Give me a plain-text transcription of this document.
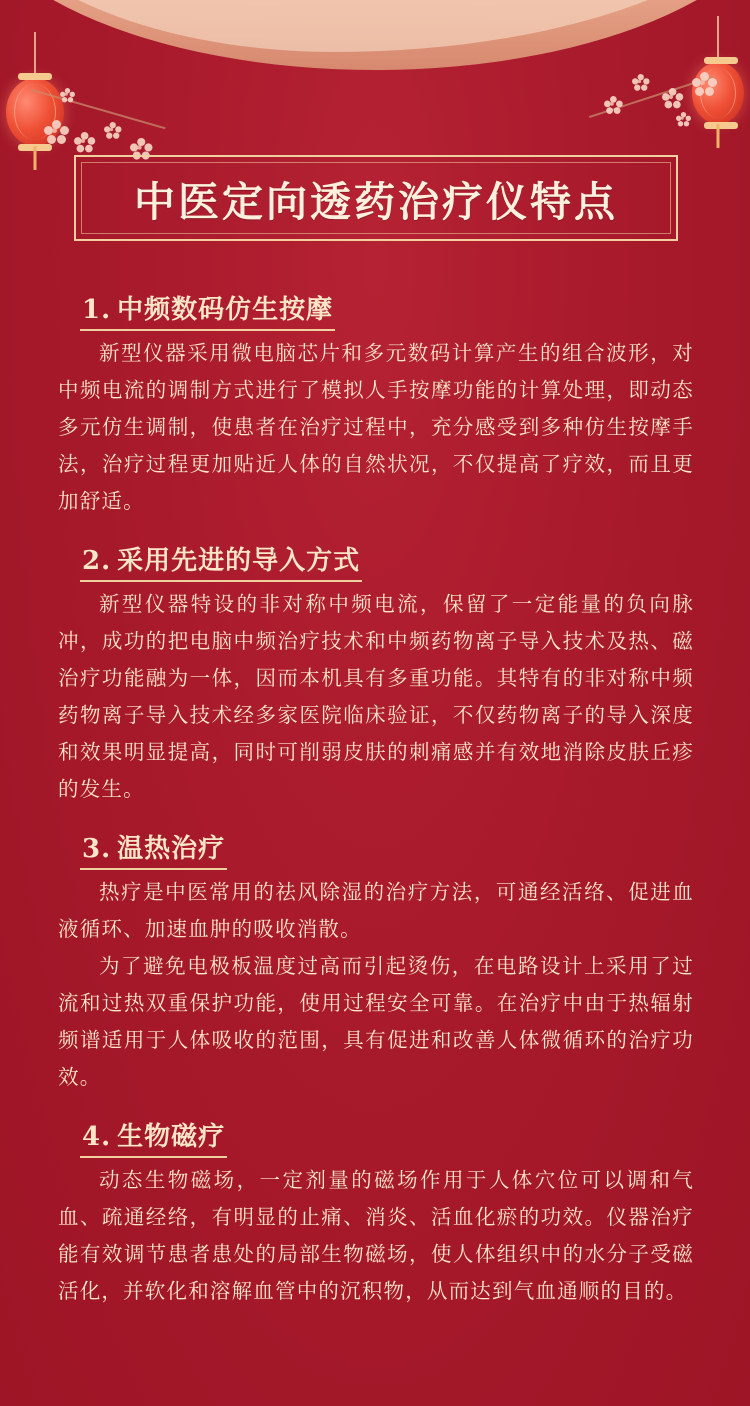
中医定向透药治疗仪特点
1. 中频数码仿生按摩

新型仪器采用微电脑芯片和多元数码计算产生的组合波形，对中频电流的调制方式进行了模拟人手按摩功能的计算处理，即动态多元仿生调制，使患者在治疗过程中，充分感受到多种仿生按摩手法，治疗过程更加贴近人体的自然状况，不仅提高了疗效，而且更加舒适。

2. 采用先进的导入方式

新型仪器特设的非对称中频电流，保留了一定能量的负向脉冲，成功的把电脑中频治疗技术和中频药物离子导入技术及热、磁治疗功能融为一体，因而本机具有多重功能。其特有的非对称中频药物离子导入技术经多家医院临床验证，不仅药物离子的导入深度和效果明显提高，同时可削弱皮肤的刺痛感并有效地消除皮肤丘疹的发生。

3. 温热治疗

热疗是中医常用的祛风除湿的治疗方法，可通经活络、促进血液循环、加速血肿的吸收消散。

为了避免电极板温度过高而引起烫伤，在电路设计上采用了过流和过热双重保护功能，使用过程安全可靠。在治疗中由于热辐射频谱适用于人体吸收的范围，具有促进和改善人体微循环的治疗功效。

4. 生物磁疗

动态生物磁场，一定剂量的磁场作用于人体穴位可以调和气血、疏通经络，有明显的止痛、消炎、活血化瘀的功效。仪器治疗能有效调节患者患处的局部生物磁场，使人体组织中的水分子受磁活化，并软化和溶解血管中的沉积物，从而达到气血通顺的目的。
